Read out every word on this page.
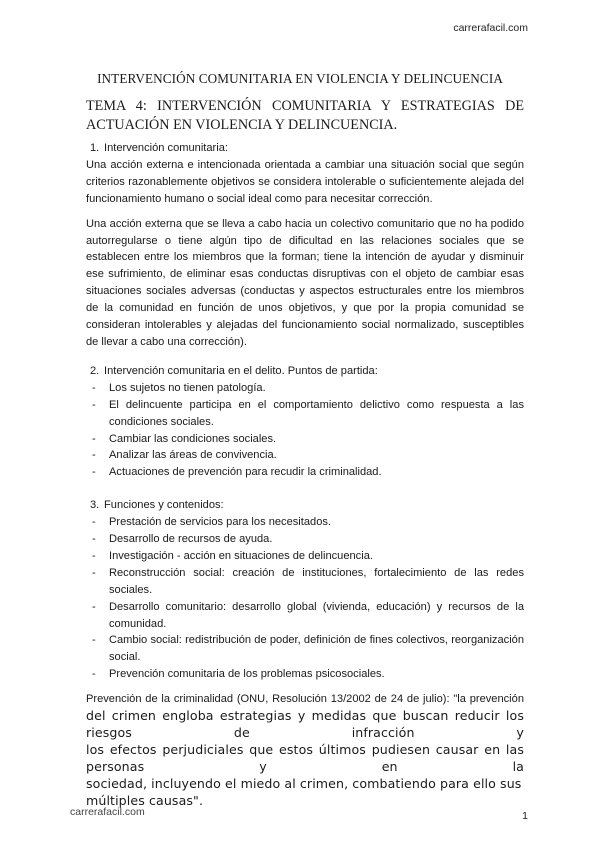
carrerafacil.com
INTERVENCIÓN COMUNITARIA EN VIOLENCIA Y DELINCUENCIA
TEMA 4: INTERVENCIÓN COMUNITARIA Y ESTRATEGIAS DE ACTUACIÓN EN VIOLENCIA Y DELINCUENCIA.

1. Intervención comunitaria:

Una acción externa e intencionada orientada a cambiar una situación social que según criterios razonablemente objetivos se considera intolerable o suficientemente alejada del funcionamiento humano o social ideal como para necesitar corrección.

Una acción externa que se lleva a cabo hacia un colectivo comunitario que no ha podido autorregularse o tiene algún tipo de dificultad en las relaciones sociales que se establecen entre los miembros que la forman; tiene la intención de ayudar y disminuir ese sufrimiento, de eliminar esas conductas disruptivas con el objeto de cambiar esas situaciones sociales adversas (conductas y aspectos estructurales entre los miembros de la comunidad en función de unos objetivos, y que por la propia comunidad se consideran intolerables y alejadas del funcionamiento social normalizado, susceptibles de llevar a cabo una corrección).

2. Intervención comunitaria en el delito. Puntos de partida:

- Los sujetos no tienen patología.
- El delincuente participa en el comportamiento delictivo como respuesta a las condiciones sociales.
- Cambiar las condiciones sociales.
- Analizar las áreas de convivencia.
- Actuaciones de prevención para recudir la criminalidad.

3. Funciones y contenidos:

- Prestación de servicios para los necesitados.
- Desarrollo de recursos de ayuda.
- Investigación - acción en situaciones de delincuencia.
- Reconstrucción social: creación de instituciones, fortalecimiento de las redes sociales.
- Desarrollo comunitario: desarrollo global (vivienda, educación) y recursos de la comunidad.
- Cambio social: redistribución de poder, definición de fines colectivos, reorganización social.
- Prevención comunitaria de los problemas psicosociales.
Prevención de la criminalidad (ONU, Resolución 13/2002 de 24 de julio): "la prevención
del crimen engloba estrategias y medidas que buscan reducir los riesgos de infracción y
los efectos perjudiciales que estos últimos pudiesen causar en las personas y en la
sociedad, incluyendo el miedo al crimen, combatiendo para ello sus múltiples causas".
carrerafacil.com	1
